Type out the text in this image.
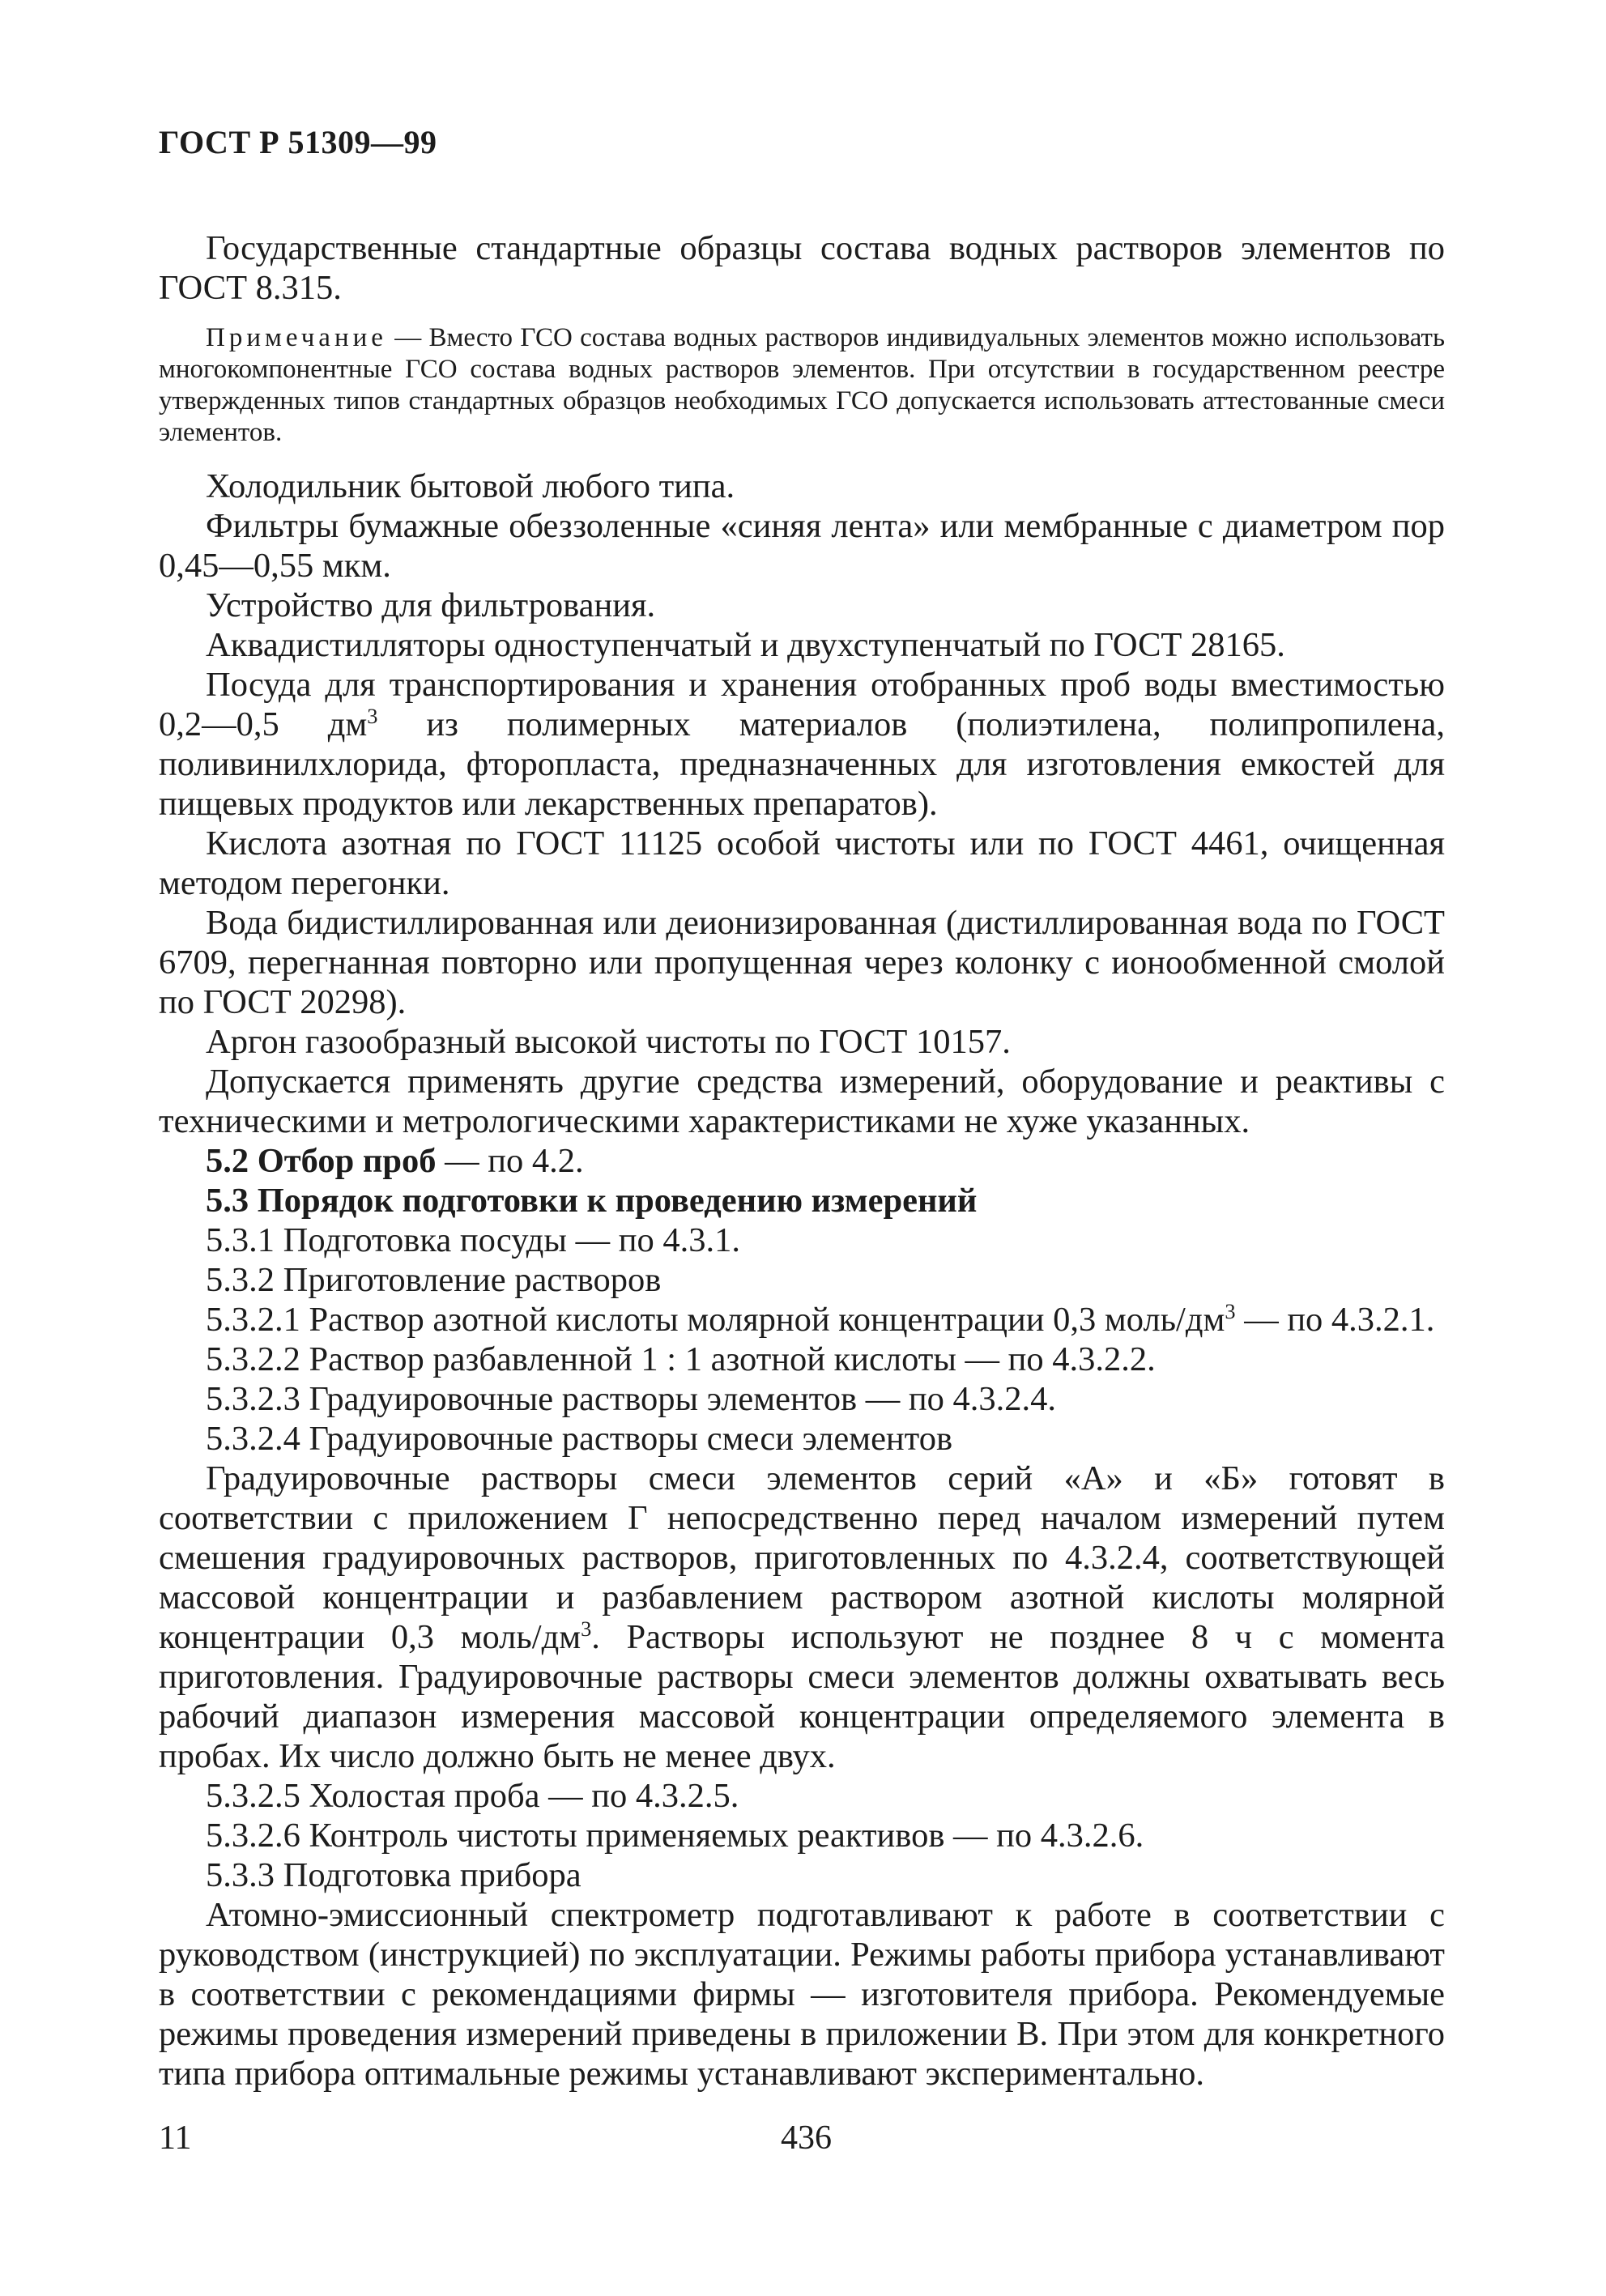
ГОСТ Р 51309—99

Государственные стандартные образцы состава водных растворов элементов по ГОСТ 8.315.

Примечание — Вместо ГСО состава водных растворов индивидуальных элементов можно использовать многокомпонентные ГСО состава водных растворов элементов. При отсутствии в государственном реестре утвержденных типов стандартных образцов необходимых ГСО допускается использовать аттестованные смеси элементов.

Холодильник бытовой любого типа.

Фильтры бумажные обеззоленные «синяя лента» или мембранные с диаметром пор 0,45—0,55 мкм.

Устройство для фильтрования.

Аквадистилляторы одноступенчатый и двухступенчатый по ГОСТ 28165.

Посуда для транспортирования и хранения отобранных проб воды вместимостью 0,2—0,5 $дм^3$ из полимерных материалов (полиэтилена, полипропилена, поливинилхлорида, фторопласта, предназначенных для изготовления емкостей для пищевых продуктов или лекарственных препаратов).

Кислота азотная по ГОСТ 11125 особой чистоты или по ГОСТ 4461, очищенная методом перегонки.

Вода бидистиллированная или деионизированная (дистиллированная вода по ГОСТ 6709, перегнанная повторно или пропущенная через колонку с ионообменной смолой по ГОСТ 20298).

Аргон газообразный высокой чистоты по ГОСТ 10157.

Допускается применять другие средства измерений, оборудование и реактивы с техническими и метрологическими характеристиками не хуже указанных.

5.2 Отбор проб — по 4.2.

5.3 Порядок подготовки к проведению измерений

5.3.1 Подготовка посуды — по 4.3.1.

5.3.2 Приготовление растворов

5.3.2.1 Раствор азотной кислоты молярной концентрации 0,3 моль/$дм^3$ — по 4.3.2.1.

5.3.2.2 Раствор разбавленной 1 : 1 азотной кислоты — по 4.3.2.2.

5.3.2.3 Градуировочные растворы элементов — по 4.3.2.4.

5.3.2.4 Градуировочные растворы смеси элементов

Градуировочные растворы смеси элементов серий «А» и «Б» готовят в соответствии с приложением Г непосредственно перед началом измерений путем смешения градуировочных растворов, приготовленных по 4.3.2.4, соответствующей массовой концентрации и разбавлением раствором азотной кислоты молярной концентрации 0,3 моль/$дм^3$. Растворы используют не позднее 8 ч с момента приготовления. Градуировочные растворы смеси элементов должны охватывать весь рабочий диапазон измерения массовой концентрации определяемого элемента в пробах. Их число должно быть не менее двух.

5.3.2.5 Холостая проба — по 4.3.2.5.

5.3.2.6 Контроль чистоты применяемых реактивов — по 4.3.2.6.

5.3.3 Подготовка прибора

Атомно-эмиссионный спектрометр подготавливают к работе в соответствии с руководством (инструкцией) по эксплуатации. Режимы работы прибора устанавливают в соответствии с рекомендациями фирмы — изготовителя прибора. Рекомендуемые режимы проведения измерений приведены в приложении В. При этом для конкретного типа прибора оптимальные режимы устанавливают экспериментально.

11	436
